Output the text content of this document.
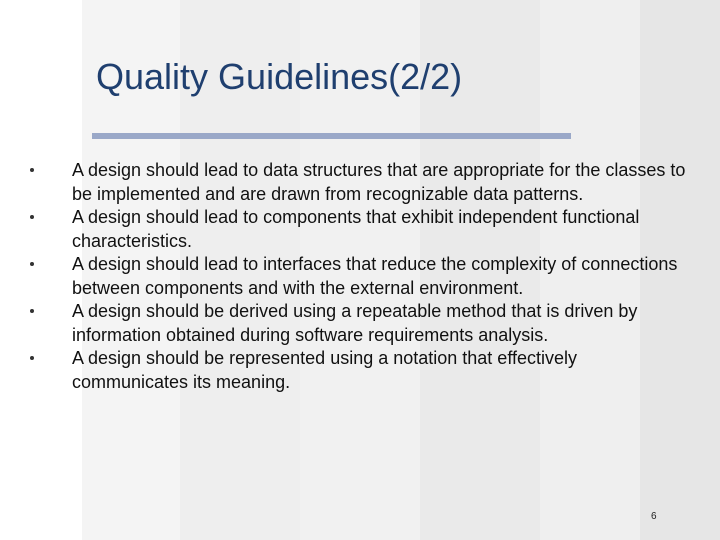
Quality Guidelines(2/2)
A design should lead to data structures that are appropriate for the classes to be implemented and are drawn from recognizable data patterns.
A design should lead to components that exhibit independent functional characteristics.
A design should lead to interfaces that reduce the complexity of connections between components and with the external environment.
A design should be derived using a repeatable method that is driven by information obtained during software requirements analysis.
A design should be represented using a notation that effectively communicates its meaning.
6
